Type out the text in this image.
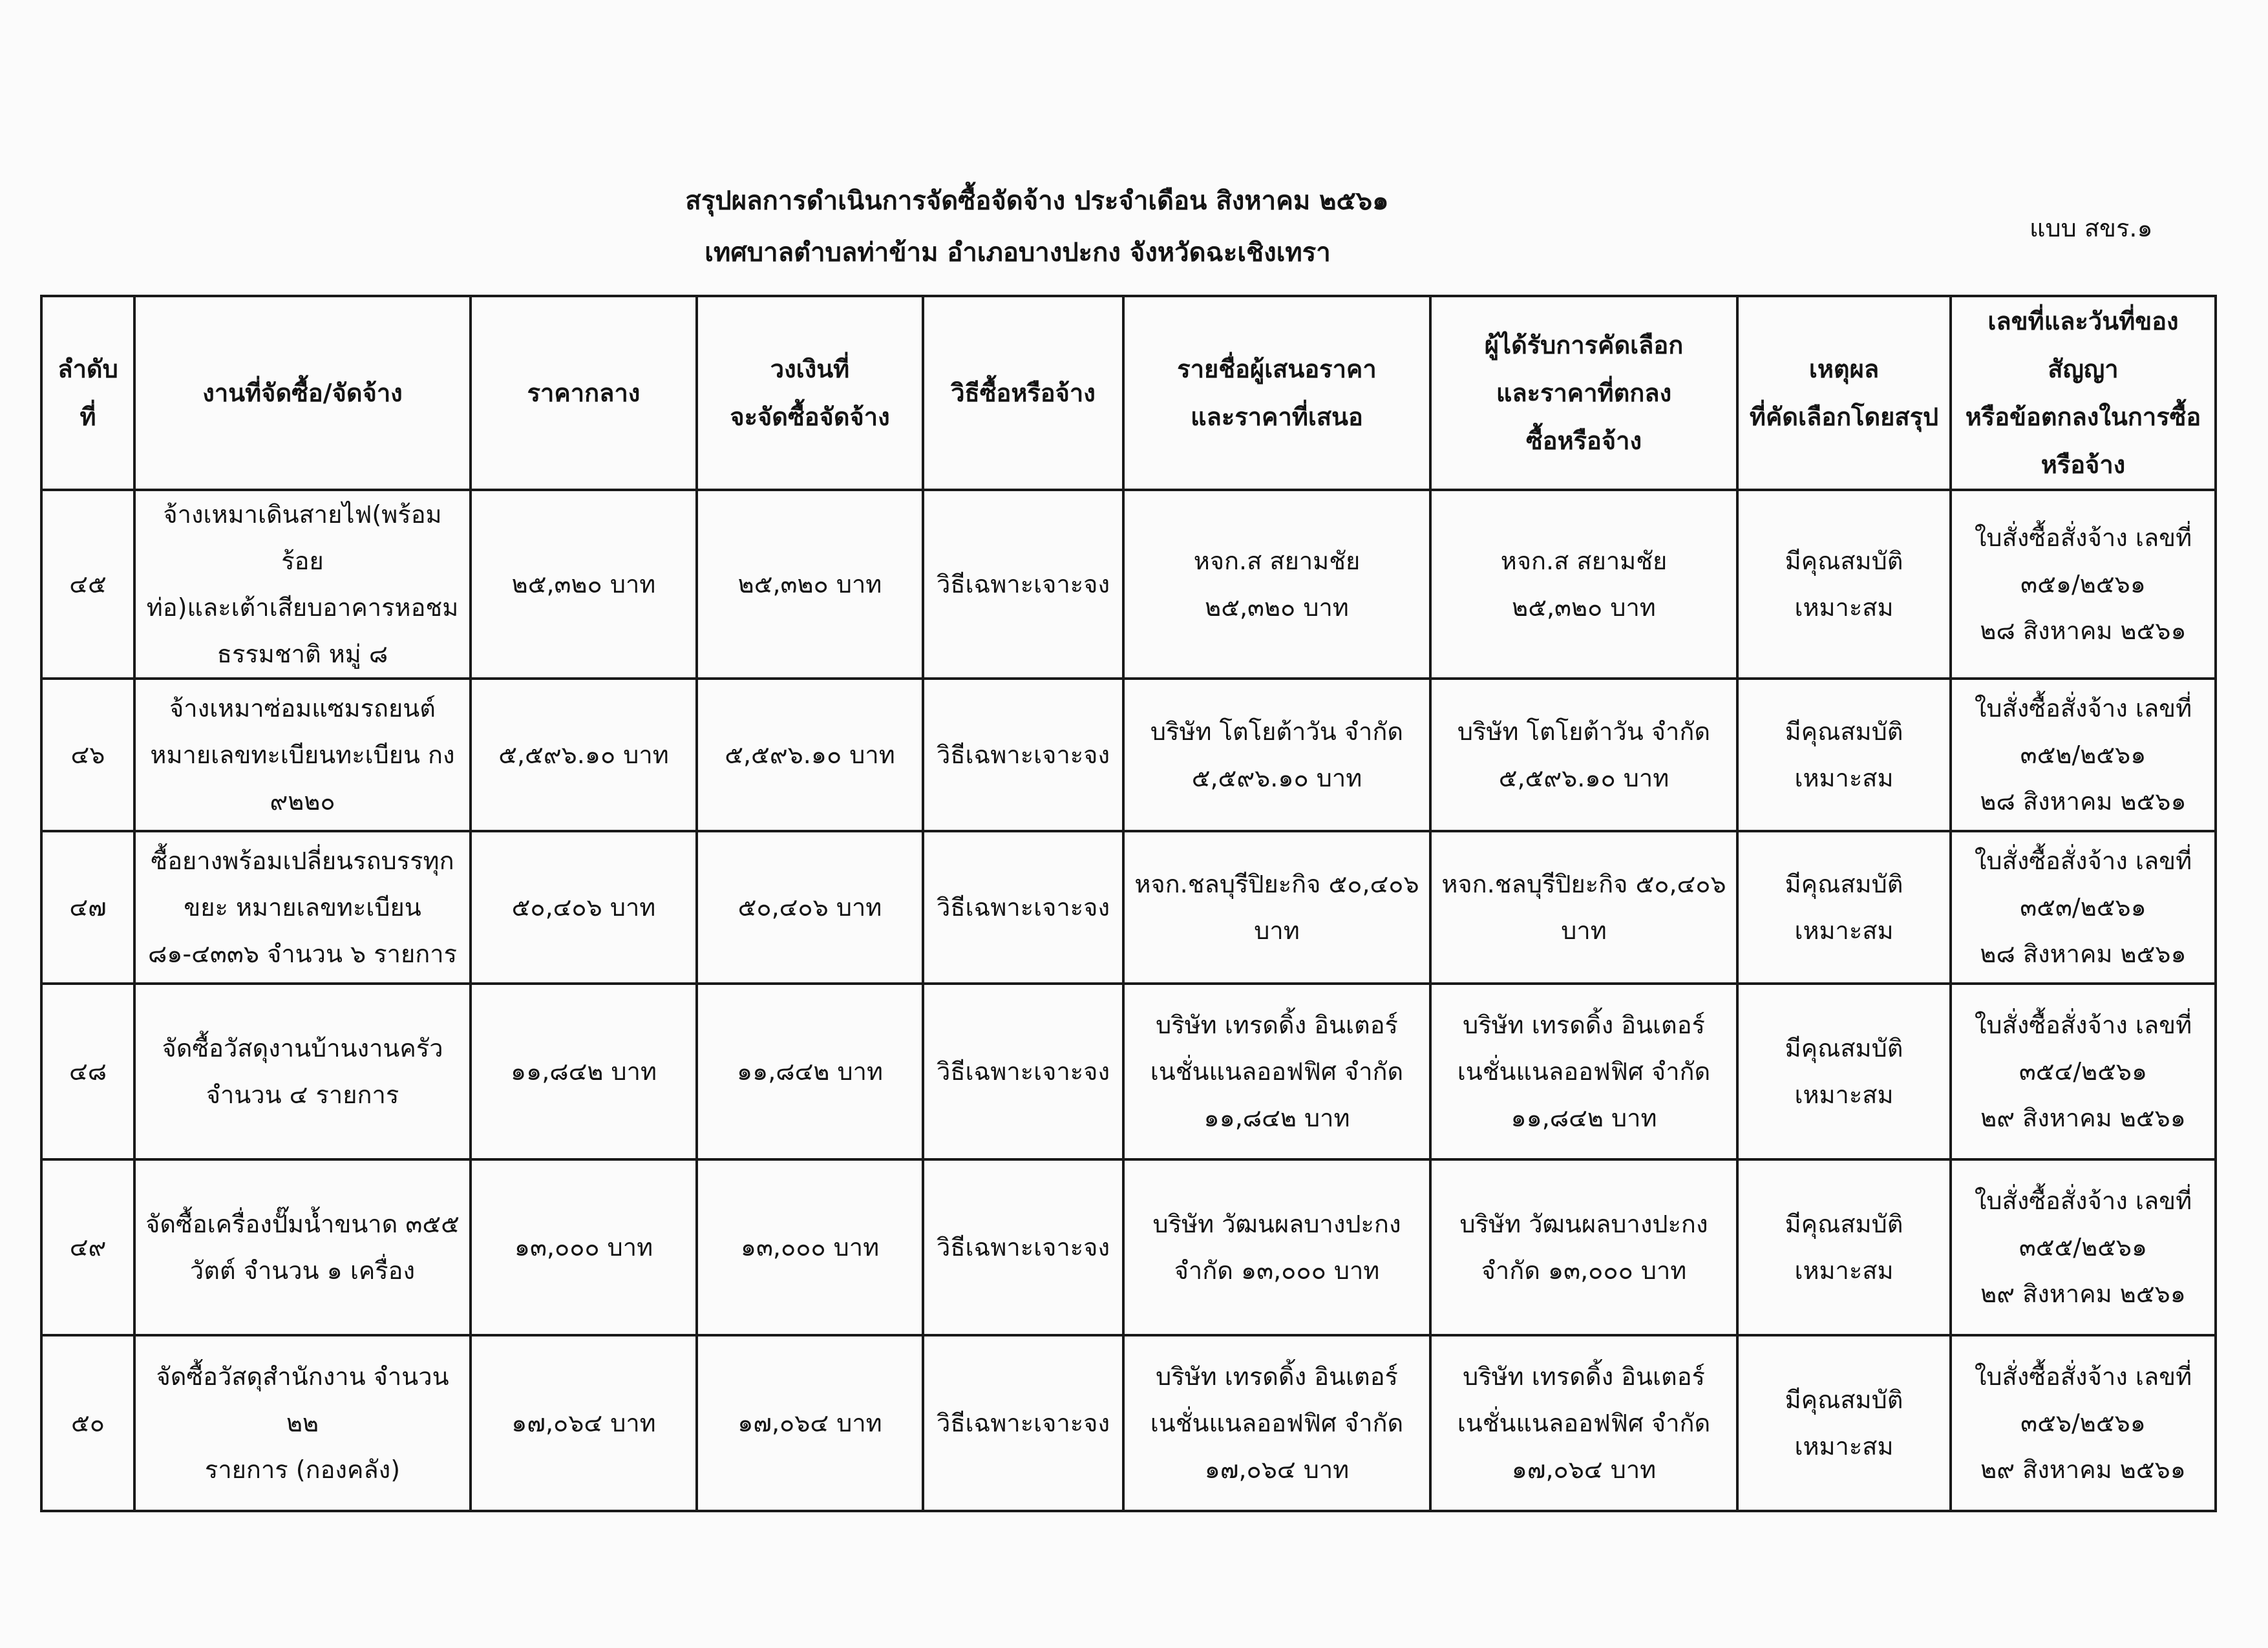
สรุปผลการดำเนินการจัดซื้อจัดจ้าง ประจำเดือน สิงหาคม ๒๕๖๑
เทศบาลตำบลท่าข้าม อำเภอบางปะกง จังหวัดฉะเชิงเทรา
แบบ สขร.๑
ลำดับที่	งานที่จัดซื้อ/จัดจ้าง	ราคากลาง	วงเงินที่
จะจัดซื้อจัดจ้าง	วิธีซื้อหรือจ้าง	รายชื่อผู้เสนอราคา
และราคาที่เสนอ	ผู้ได้รับการคัดเลือก
และราคาที่ตกลง
ซื้อหรือจ้าง	เหตุผล
ที่คัดเลือกโดยสรุป	เลขที่และวันที่ของสัญญา
หรือข้อตกลงในการซื้อ
หรือจ้าง
๔๕	จ้างเหมาเดินสายไฟ(พร้อมร้อย
ท่อ)และเต้าเสียบอาคารหอชม
ธรรมชาติ หมู่ ๘	๒๕,๓๒๐ บาท	๒๕,๓๒๐ บาท	วิธีเฉพาะเจาะจง	หจก.ส สยามชัย
๒๕,๓๒๐ บาท	หจก.ส สยามชัย
๒๕,๓๒๐ บาท	มีคุณสมบัติ
เหมาะสม	ใบสั่งซื้อสั่งจ้าง เลขที่
๓๕๑/๒๕๖๑
๒๘ สิงหาคม ๒๕๖๑
๔๖	จ้างเหมาซ่อมแซมรถยนต์
หมายเลขทะเบียนทะเบียน กง
๙๒๒๐	๕,๕๙๖.๑๐ บาท	๕,๕๙๖.๑๐ บาท	วิธีเฉพาะเจาะจง	บริษัท โตโยต้าวัน จำกัด
๕,๕๙๖.๑๐ บาท	บริษัท โตโยต้าวัน จำกัด
๕,๕๙๖.๑๐ บาท	มีคุณสมบัติ
เหมาะสม	ใบสั่งซื้อสั่งจ้าง เลขที่
๓๕๒/๒๕๖๑
๒๘ สิงหาคม ๒๕๖๑
๔๗	ซื้อยางพร้อมเปลี่ยนรถบรรทุก
ขยะ หมายเลขทะเบียน
๘๑-๔๓๓๖ จำนวน ๖ รายการ	๕๐,๔๐๖ บาท	๕๐,๔๐๖ บาท	วิธีเฉพาะเจาะจง	หจก.ชลบุรีปิยะกิจ ๕๐,๔๐๖
บาท	หจก.ชลบุรีปิยะกิจ ๕๐,๔๐๖
บาท	มีคุณสมบัติ
เหมาะสม	ใบสั่งซื้อสั่งจ้าง เลขที่
๓๕๓/๒๕๖๑
๒๘ สิงหาคม ๒๕๖๑
๔๘	จัดซื้อวัสดุงานบ้านงานครัว
จำนวน ๔ รายการ	๑๑,๘๔๒ บาท	๑๑,๘๔๒ บาท	วิธีเฉพาะเจาะจง	บริษัท เทรดดิ้ง อินเตอร์
เนชั่นแนลออฟฟิศ จำกัด
๑๑,๘๔๒ บาท	บริษัท เทรดดิ้ง อินเตอร์
เนชั่นแนลออฟฟิศ จำกัด
๑๑,๘๔๒ บาท	มีคุณสมบัติ
เหมาะสม	ใบสั่งซื้อสั่งจ้าง เลขที่
๓๕๔/๒๕๖๑
๒๙ สิงหาคม ๒๕๖๑
๔๙	จัดซื้อเครื่องปั๊มน้ำขนาด ๓๕๕
วัตต์ จำนวน ๑ เครื่อง	๑๓,๐๐๐ บาท	๑๓,๐๐๐ บาท	วิธีเฉพาะเจาะจง	บริษัท วัฒนผลบางปะกง
จำกัด ๑๓,๐๐๐ บาท	บริษัท วัฒนผลบางปะกง
จำกัด ๑๓,๐๐๐ บาท	มีคุณสมบัติ
เหมาะสม	ใบสั่งซื้อสั่งจ้าง เลขที่
๓๕๕/๒๕๖๑
๒๙ สิงหาคม ๒๕๖๑
๕๐	จัดซื้อวัสดุสำนักงาน จำนวน ๒๒
รายการ (กองคลัง)	๑๗,๐๖๔ บาท	๑๗,๐๖๔ บาท	วิธีเฉพาะเจาะจง	บริษัท เทรดดิ้ง อินเตอร์
เนชั่นแนลออฟฟิศ จำกัด
๑๗,๐๖๔ บาท	บริษัท เทรดดิ้ง อินเตอร์
เนชั่นแนลออฟฟิศ จำกัด
๑๗,๐๖๔ บาท	มีคุณสมบัติ
เหมาะสม	ใบสั่งซื้อสั่งจ้าง เลขที่
๓๕๖/๒๕๖๑
๒๙ สิงหาคม ๒๕๖๑
